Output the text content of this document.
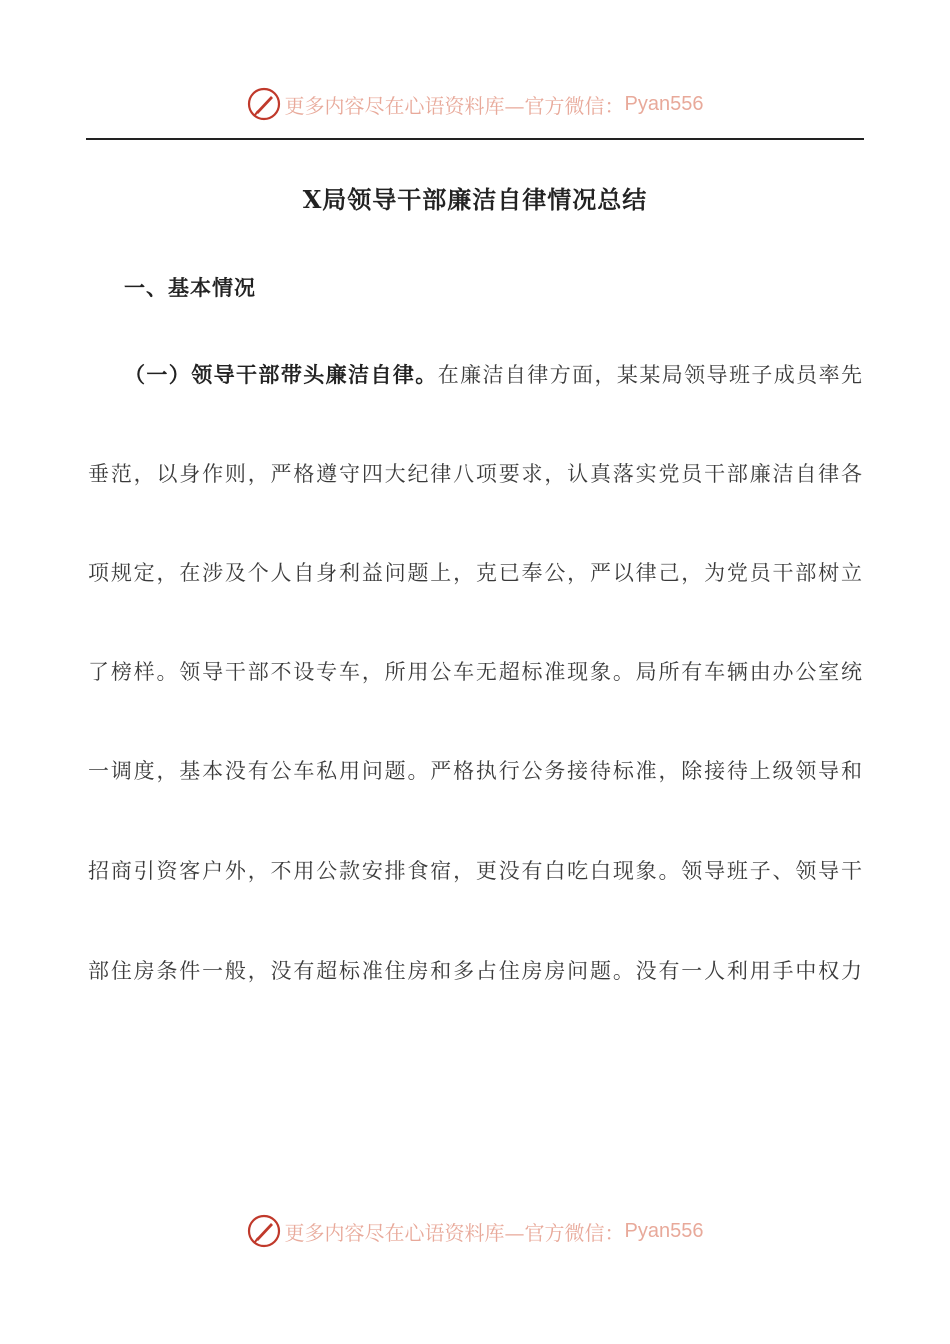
更多内容尽在心语资料库—官方微信： Pyan556
X局领导干部廉洁自律情况总结
一、基本情况
（一）领导干部带头廉洁自律。在廉洁自律方面，某某局领导班子成员率先
垂范，以身作则，严格遵守四大纪律八项要求，认真落实党员干部廉洁自律各
项规定，在涉及个人自身利益问题上，克已奉公，严以律己，为党员干部树立
了榜样。领导干部不设专车，所用公车无超标准现象。局所有车辆由办公室统
一调度，基本没有公车私用问题。严格执行公务接待标准，除接待上级领导和
招商引资客户外，不用公款安排食宿，更没有白吃白现象。领导班子、领导干
部住房条件一般，没有超标准住房和多占住房房问题。没有一人利用手中权力
更多内容尽在心语资料库—官方微信： Pyan556
